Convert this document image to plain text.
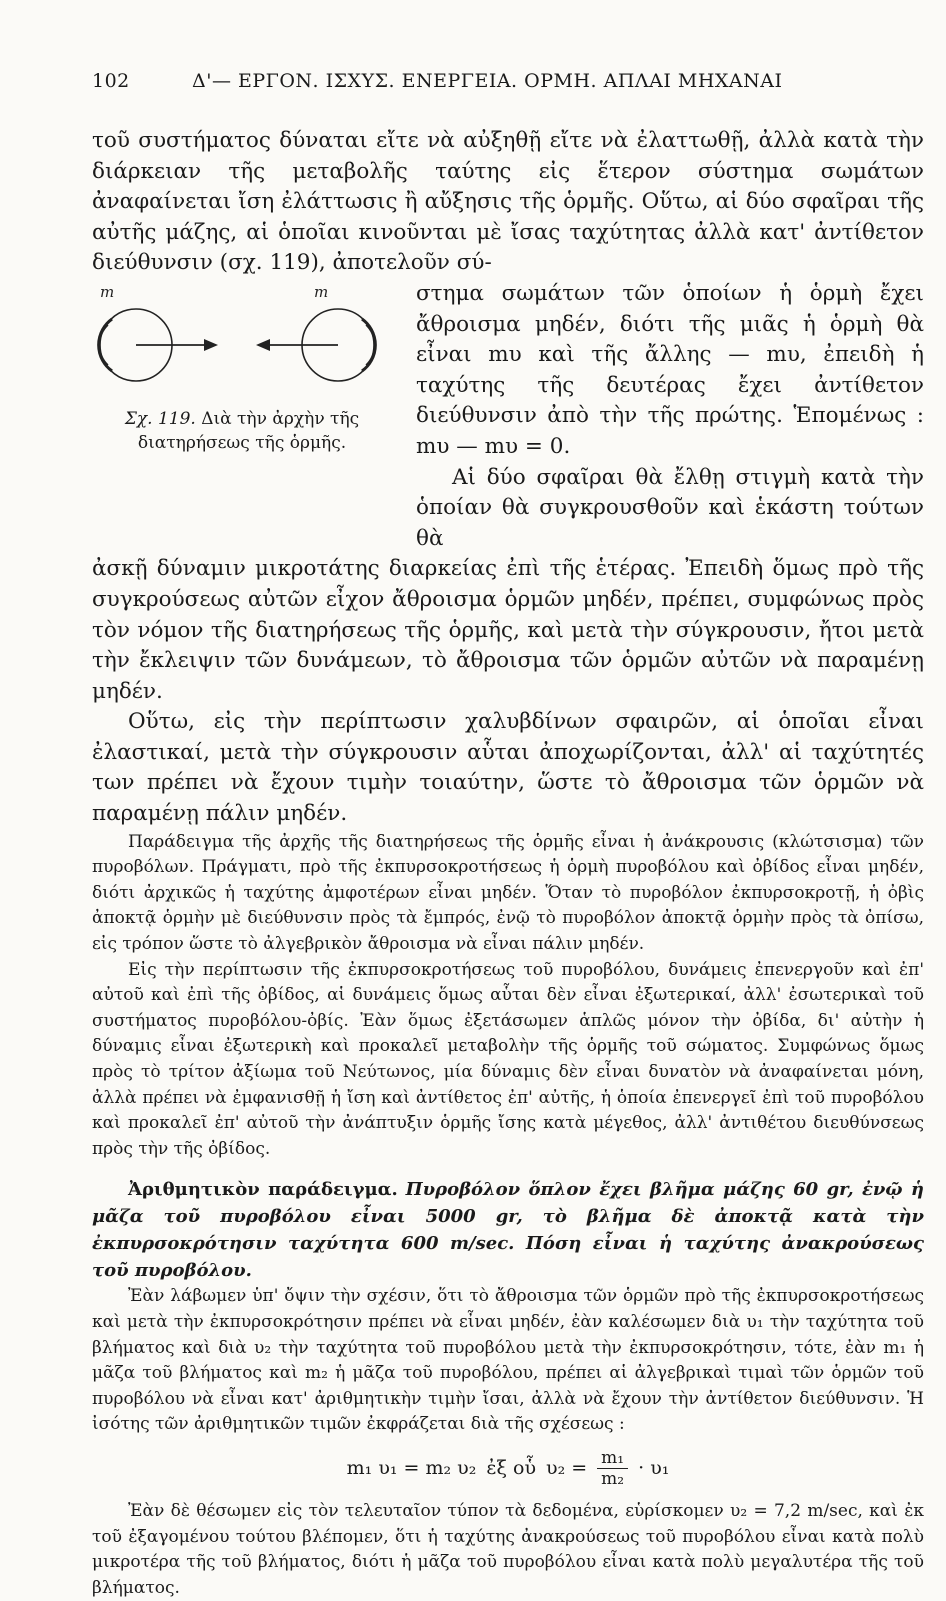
102	Δ'— ΕΡΓΟΝ. ΙΣΧΥΣ. ΕΝΕΡΓΕΙΑ. ΟΡΜΗ. ΑΠΛΑΙ ΜΗΧΑΝΑΙ

τοῦ συστήματος δύναται εἴτε νὰ αὐξηθῇ εἴτε νὰ ἐλαττωθῇ, ἀλλὰ κατὰ τὴν διάρκειαν τῆς μεταβολῆς ταύτης εἰς ἕτερον σύστημα σωμάτων ἀναφαίνεται ἴση ἐλάττωσις ἢ αὔξησις τῆς ὁρμῆς. Οὕτω, αἱ δύο σφαῖραι τῆς αὐτῆς μάζης, αἱ ὁποῖαι κινοῦνται μὲ ἴσας ταχύτητας ἀλλὰ κατ' ἀντίθετον διεύθυνσιν (σχ. 119), ἀποτελοῦν σύ-

m	m
Σχ. 119. Διὰ τὴν ἀρχὴν τῆς διατηρήσεως τῆς ὁρμῆς.

στημα σωμάτων τῶν ὁποίων ἡ ὁρμὴ ἔχει ἄθροισμα μηδέν, διότι τῆς μιᾶς ἡ ὁρμὴ θὰ εἶναι mυ καὶ τῆς ἄλλης — mυ, ἐπειδὴ ἡ ταχύτης τῆς δευτέρας ἔχει ἀντίθετον διεύθυνσιν ἀπὸ τὴν τῆς πρώτης. Ἑπομένως : mυ — mυ = 0.

Αἱ δύο σφαῖραι θὰ ἔλθῃ στιγμὴ κατὰ τὴν ὁποίαν θὰ συγκρουσθοῦν καὶ ἑκάστη τούτων θὰ

ἀσκῇ δύναμιν μικροτάτης διαρκείας ἐπὶ τῆς ἑτέρας. Ἐπειδὴ ὅμως πρὸ τῆς συγκρούσεως αὐτῶν εἶχον ἄθροισμα ὁρμῶν μηδέν, πρέπει, συμφώνως πρὸς τὸν νόμον τῆς διατηρήσεως τῆς ὁρμῆς, καὶ μετὰ τὴν σύγκρουσιν, ἤτοι μετὰ τὴν ἔκλειψιν τῶν δυνάμεων, τὸ ἄθροισμα τῶν ὁρμῶν αὐτῶν νὰ παραμένῃ μηδέν.

Οὕτω, εἰς τὴν περίπτωσιν χαλυβδίνων σφαιρῶν, αἱ ὁποῖαι εἶναι ἐλαστικαί, μετὰ τὴν σύγκρουσιν αὗται ἀποχωρίζονται, ἀλλ' αἱ ταχύτητές των πρέπει νὰ ἔχουν τιμὴν τοιαύτην, ὥστε τὸ ἄθροισμα τῶν ὁρμῶν νὰ παραμένῃ πάλιν μηδέν.

Παράδειγμα τῆς ἀρχῆς τῆς διατηρήσεως τῆς ὁρμῆς εἶναι ἡ ἀνάκρουσις (κλώτσισμα) τῶν πυροβόλων. Πράγματι, πρὸ τῆς ἐκπυρσοκροτήσεως ἡ ὁρμὴ πυροβόλου καὶ ὀβίδος εἶναι μηδέν, διότι ἀρχικῶς ἡ ταχύτης ἀμφοτέρων εἶναι μηδέν. Ὅταν τὸ πυροβόλον ἐκπυρσοκροτῇ, ἡ ὀβὶς ἀποκτᾷ ὁρμὴν μὲ διεύθυνσιν πρὸς τὰ ἔμπρός, ἐνῷ τὸ πυροβόλον ἀποκτᾷ ὁρμὴν πρὸς τὰ ὀπίσω, εἰς τρόπον ὥστε τὸ ἀλγεβρικὸν ἄθροισμα νὰ εἶναι πάλιν μηδέν.

Εἰς τὴν περίπτωσιν τῆς ἐκπυρσοκροτήσεως τοῦ πυροβόλου, δυνάμεις ἐπενεργοῦν καὶ ἐπ' αὐτοῦ καὶ ἐπὶ τῆς ὀβίδος, αἱ δυνάμεις ὅμως αὗται δὲν εἶναι ἐξωτερικαί, ἀλλ' ἐσωτερικαὶ τοῦ συστήματος πυροβόλου-ὀβίς. Ἐὰν ὅμως ἐξετάσωμεν ἁπλῶς μόνον τὴν ὀβίδα, δι' αὐτὴν ἡ δύναμις εἶναι ἐξωτερικὴ καὶ προκαλεῖ μεταβολὴν τῆς ὁρμῆς τοῦ σώματος. Συμφώνως ὅμως πρὸς τὸ τρίτον ἀξίωμα τοῦ Νεύτωνος, μία δύναμις δὲν εἶναι δυνατὸν νὰ ἀναφαίνεται μόνη, ἀλλὰ πρέπει νὰ ἐμφανισθῇ ἡ ἴση καὶ ἀντίθετος ἐπ' αὐτῆς, ἡ ὁποία ἐπενεργεῖ ἐπὶ τοῦ πυροβόλου καὶ προκαλεῖ ἐπ' αὐτοῦ τὴν ἀνάπτυξιν ὁρμῆς ἴσης κατὰ μέγεθος, ἀλλ' ἀντιθέτου διευθύνσεως πρὸς τὴν τῆς ὀβίδος.

Ἀριθμητικὸν παράδειγμα. Πυροβόλον ὅπλον ἔχει βλῆμα μάζης 60 gr, ἐνῷ ἡ μᾶζα τοῦ πυροβόλου εἶναι 5000 gr, τὸ βλῆμα δὲ ἀποκτᾷ κατὰ τὴν ἐκπυρσοκρότησιν ταχύτητα 600 m/sec. Πόση εἶναι ἡ ταχύτης ἀνακρούσεως τοῦ πυροβόλου.

Ἐὰν λάβωμεν ὑπ' ὄψιν τὴν σχέσιν, ὅτι τὸ ἄθροισμα τῶν ὁρμῶν πρὸ τῆς ἐκπυρσοκροτήσεως καὶ μετὰ τὴν ἐκπυρσοκρότησιν πρέπει νὰ εἶναι μηδέν, ἐὰν καλέσωμεν διὰ υ₁ τὴν ταχύτητα τοῦ βλήματος καὶ διὰ υ₂ τὴν ταχύτητα τοῦ πυροβόλου μετὰ τὴν ἐκπυρσοκρότησιν, τότε, ἐὰν m₁ ἡ μᾶζα τοῦ βλήματος καὶ m₂ ἡ μᾶζα τοῦ πυροβόλου, πρέπει αἱ ἀλγεβρικαὶ τιμαὶ τῶν ὁρμῶν τοῦ πυροβόλου νὰ εἶναι κατ' ἀριθμητικὴν τιμὴν ἴσαι, ἀλλὰ νὰ ἔχουν τὴν ἀντίθετον διεύθυνσιν. Ἡ ἰσότης τῶν ἀριθμητικῶν τιμῶν ἐκφράζεται διὰ τῆς σχέσεως :

m₁ υ₁ = m₂ υ₂ ἐξ οὗ $\upsilon_2 = \frac{\text{m₁}}{\text{m₂}} \cdot \upsilon_1$

Ἐὰν δὲ θέσωμεν εἰς τὸν τελευταῖον τύπον τὰ δεδομένα, εὑρίσκομεν υ₂ = 7,2 m/sec, καὶ ἐκ τοῦ ἐξαγομένου τούτου βλέπομεν, ὅτι ἡ ταχύτης ἀνακρούσεως τοῦ πυροβόλου εἶναι κατὰ πολὺ μικροτέρα τῆς τοῦ βλήματος, διότι ἡ μᾶζα τοῦ πυροβόλου εἶναι κατὰ πολὺ μεγαλυτέρα τῆς τοῦ βλήματος.
